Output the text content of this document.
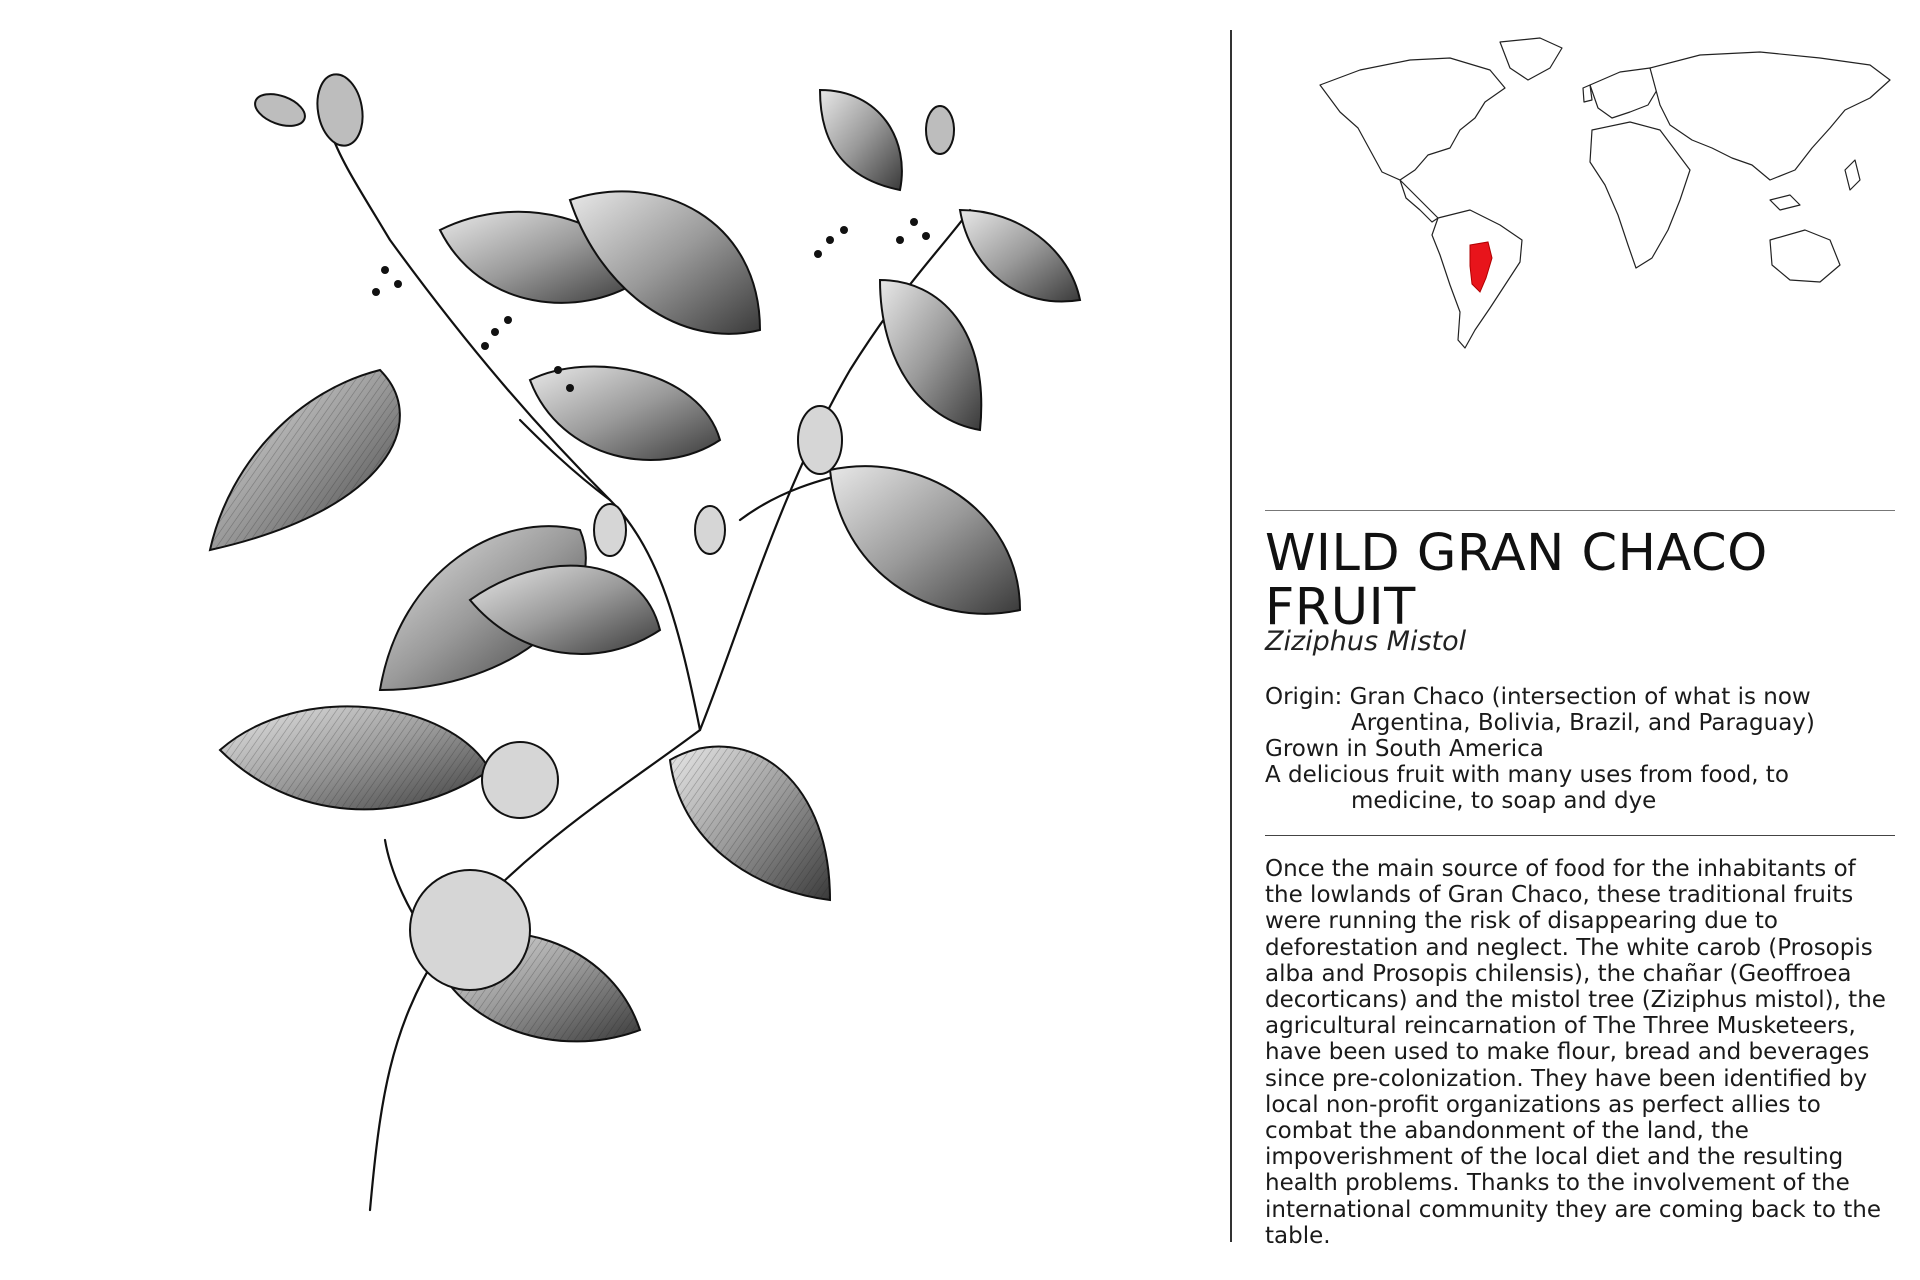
WILD GRAN CHACO FRUIT
Ziziphus Mistol
Origin: Gran Chaco (intersection of what is now Argentina, Bolivia, Brazil, and Paraguay)
Grown in South America
A delicious fruit with many uses from food, to medicine, to soap and dye
Once the main source of food for the inhabitants of the lowlands of Gran Chaco, these traditional fruits were running the risk of disappearing due to deforestation and neglect. The white carob (Prosopis alba and Prosopis chilensis), the chañar (Geoffroea decorticans) and the mistol tree (Ziziphus mistol), the agricultural reincarnation of The Three Musketeers, have been used to make flour, bread and beverages since pre-colonization. They have been identified by local non-profit organizations as perfect allies to combat the abandonment of the land, the impoverishment of the local diet and the resulting health problems. Thanks to the involvement of the international community they are coming back to the table.
